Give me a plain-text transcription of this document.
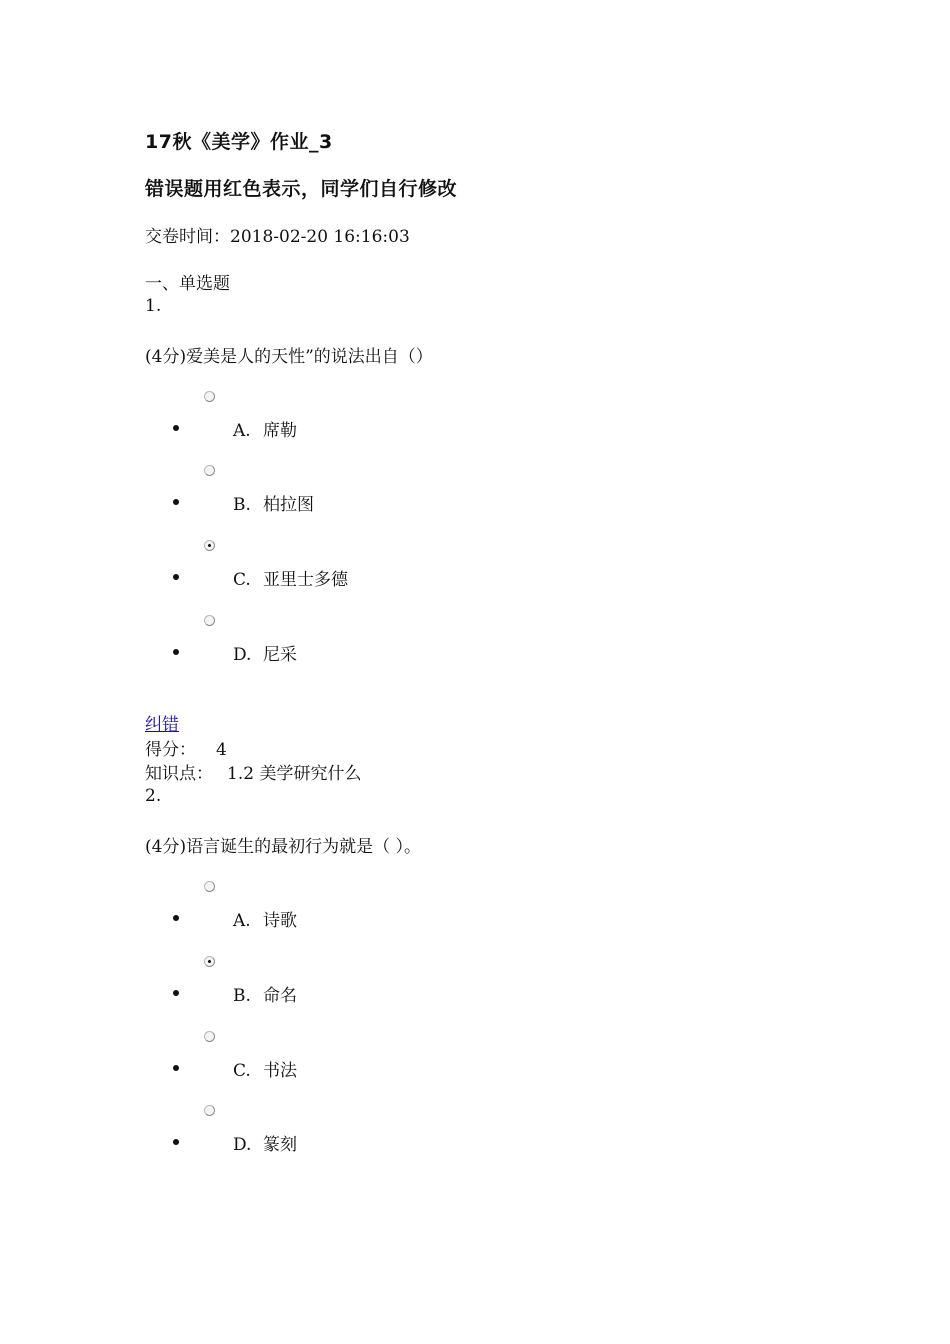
17秋《美学》作业_3
错误题用红色表示，同学们自行修改
交卷时间：2018-02-20 16:16:03
一、单选题
1.
(4分)爱美是人的天性”的说法出自（）
A. 席勒
B. 柏拉图
C. 亚里士多德
D. 尼采
纠错
得分： 4
知识点： 1.2 美学研究什么
2.
(4分)语言诞生的最初行为就是（ ）。
A. 诗歌
B. 命名
C. 书法
D. 篆刻
